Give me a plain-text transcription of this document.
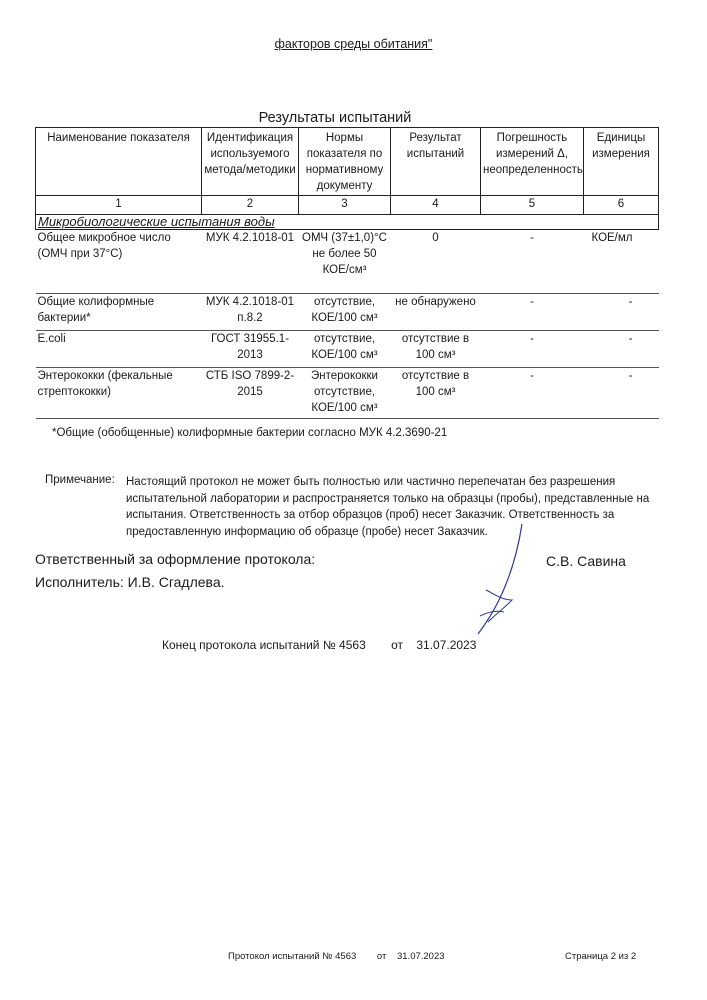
факторов среды обитания"
Результаты испытаний
Наименование показателя	Идентификация используемого метода/методики	Нормы показателя по нормативному документу	Результат испытаний	Погрешность измерений Δ, неопределенность	Единицы измерения
1	2	3	4	5	6
Микробиологические испытания воды					
Общее микробное число (ОМЧ при 37°С)	МУК 4.2.1018-01	ОМЧ (37±1,0)°С не более 50 КОЕ/см³	0	-	КОЕ/мл
Общие колиформные бактерии*	МУК 4.2.1018-01 п.8.2	отсутствие, КОЕ/100 см³	не обнаружено	-	-
E.coli	ГОСТ 31955.1-2013	отсутствие, КОЕ/100 см³	отсутствие в 100 см³	-	-
Энтерококки (фекальные стрептококки)	СТБ ISO 7899-2-2015	Энтерококки отсутствие, КОЕ/100 см³	отсутствие в 100 см³	-	-
*Общие (обобщенные) колиформные бактерии согласно МУК 4.2.3690-21
Примечание: Настоящий протокол не может быть полностью или частично перепечатан без разрешения испытательной лаборатории и распространяется только на образцы (пробы), представленные на испытания. Ответственность за отбор образцов (проб) несет Заказчик. Ответственность за предоставленную информацию об образце (пробе) несет Заказчик.
Ответственный за оформление протокола:	С.В. Савина
Исполнитель: И.В. Сгадлева.
Конец протокола испытаний № 4563 от 31.07.2023
Протокол испытаний № 4563 от 31.07.2023	Страница 2 из 2
